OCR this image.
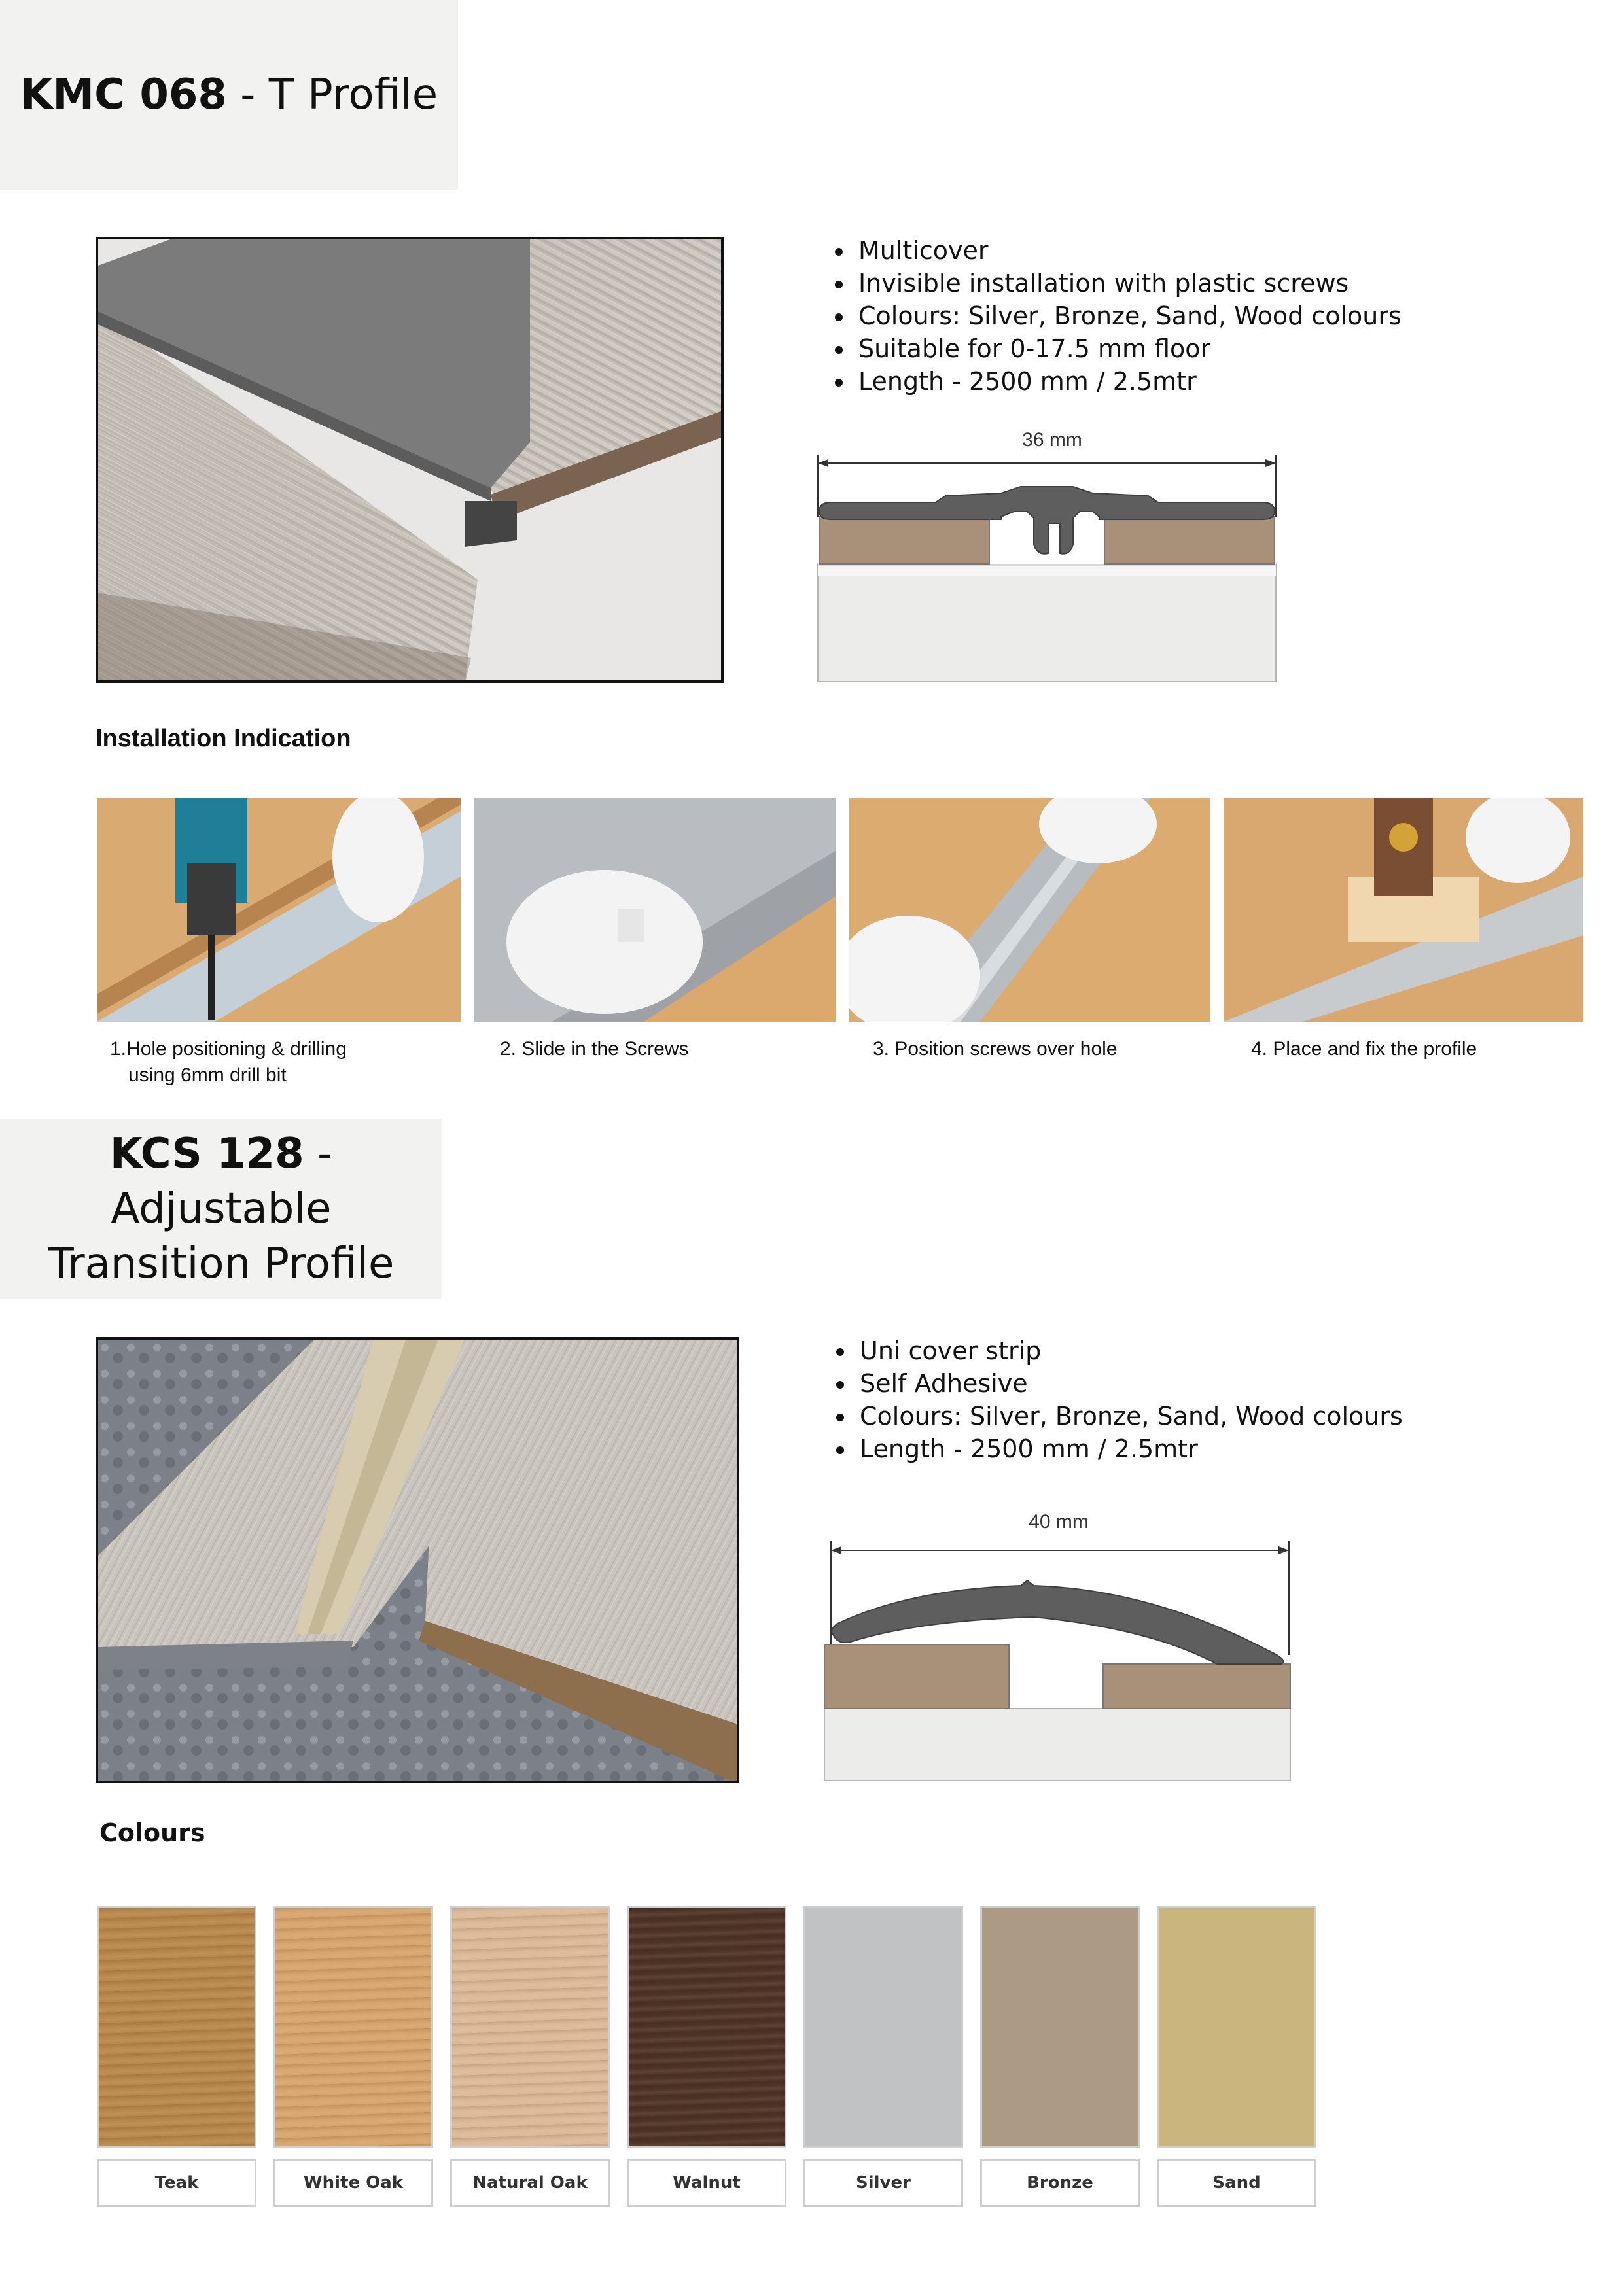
KMC 068 - T Profile
• Multicover
• Invisible installation with plastic screws
• Colours: Silver, Bronze, Sand, Wood colours
• Suitable for 0-17.5 mm floor
• Length - 2500 mm / 2.5mtr
36 mm
Installation Indication
1.Hole positioning & drilling
using 6mm drill bit
2. Slide in the Screws	3. Position screws over hole	4. Place and fix the profile
KCS 128 - Adjustable
Transition Profile
• Uni cover strip
• Self Adhesive
• Colours: Silver, Bronze, Sand, Wood colours
• Length - 2500 mm / 2.5mtr
40 mm
Colours
Teak	White Oak	Natural Oak	Walnut	Silver	Bronze	Sand
